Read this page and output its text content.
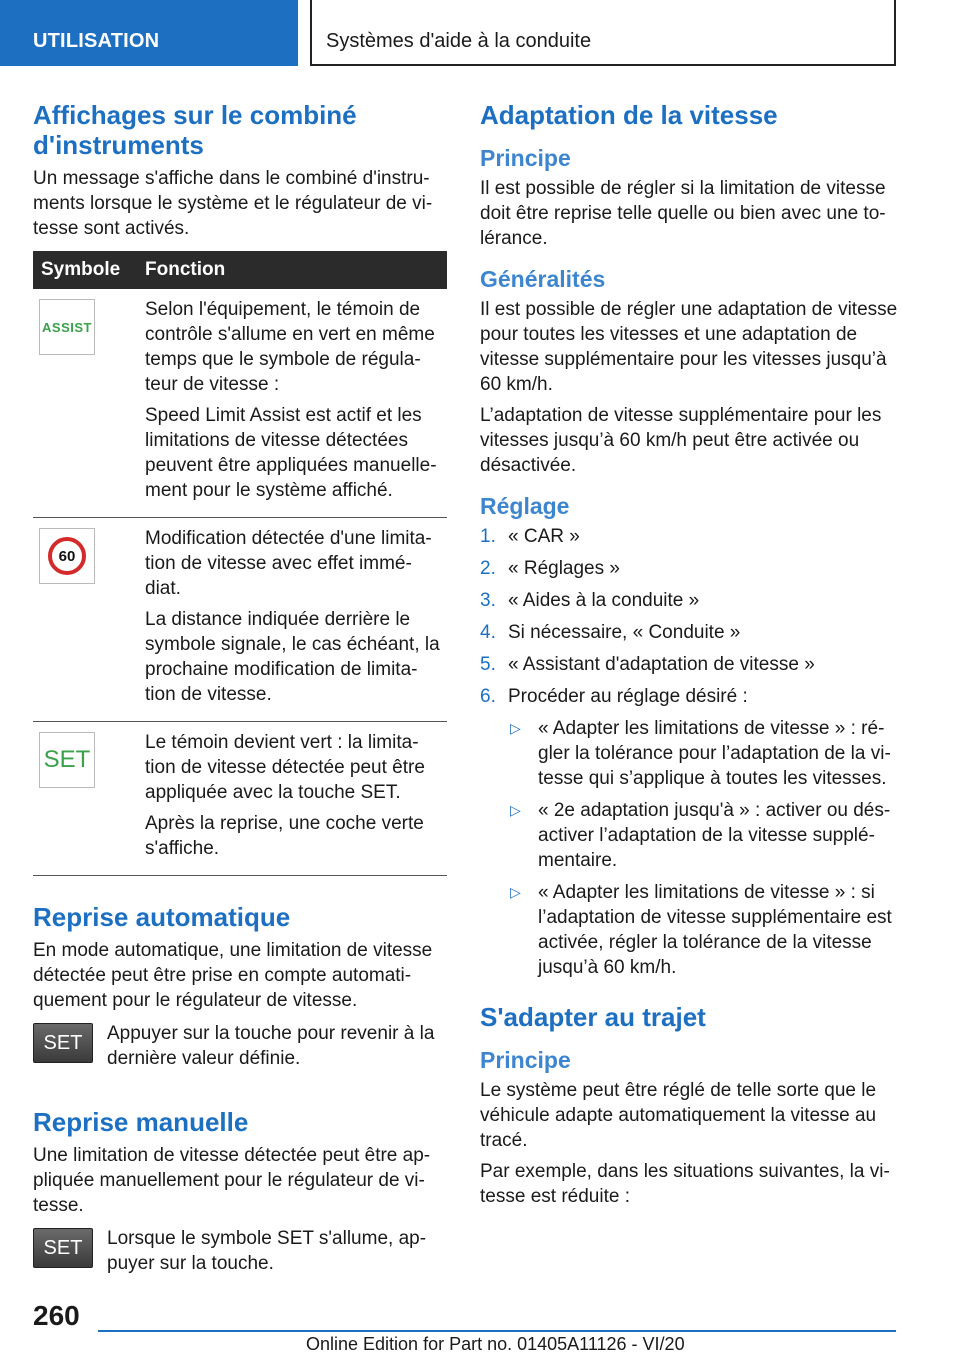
UTILISATION	Systèmes d'aide à la conduite
Affichages sur le combiné d'instruments

Un message s'affiche dans le combiné d'instruments lorsque le système et le régulateur de vitesse sont activés.

Symbole	Fonction

ASSIST	Selon l'équipement, le témoin de contrôle s'allume en vert en même temps que le symbole de régulateur de vitesse :

Speed Limit Assist est actif et les limitations de vitesse détectées peuvent être appliquées manuellement pour le système affiché.

60	Modification détectée d'une limitation de vitesse avec effet immédiat.

La distance indiquée derrière le symbole signale, le cas échéant, la prochaine modification de limitation de vitesse.

SET	Le témoin devient vert : la limitation de vitesse détectée peut être appliquée avec la touche SET.

Après la reprise, une coche verte s'affiche.

Reprise automatique

En mode automatique, une limitation de vitesse détectée peut être prise en compte automatiquement pour le régulateur de vitesse.

SET Appuyer sur la touche pour revenir à la dernière valeur définie.

Reprise manuelle

Une limitation de vitesse détectée peut être appliquée manuellement pour le régulateur de vitesse.

SET Lorsque le symbole SET s'allume, appuyer sur la touche.

Adaptation de la vitesse
Principe

Il est possible de régler si la limitation de vitesse doit être reprise telle quelle ou bien avec une tolérance.

Généralités

Il est possible de régler une adaptation de vitesse pour toutes les vitesses et une adaptation de vitesse supplémentaire pour les vitesses jusqu’à 60 km/h.

L’adaptation de vitesse supplémentaire pour les vitesses jusqu’à 60 km/h peut être activée ou désactivée.

Réglage
1. « CAR »
2. « Réglages »
3. « Aides à la conduite »
4. Si nécessaire, « Conduite »
5. « Assistant d'adaptation de vitesse »
6. Procéder au réglage désiré :
▷ « Adapter les limitations de vitesse » : régler la tolérance pour l’adaptation de la vitesse qui s’applique à toutes les vitesses.
▷ « 2e adaptation jusqu'à » : activer ou désactiver l’adaptation de la vitesse supplémentaire.
▷ « Adapter les limitations de vitesse » : si l’adaptation de vitesse supplémentaire est activée, régler la tolérance de la vitesse jusqu’à 60 km/h.
S'adapter au trajet
Principe

Le système peut être réglé de telle sorte que le véhicule adapte automatiquement la vitesse au tracé.

Par exemple, dans les situations suivantes, la vitesse est réduite :

260
Online Edition for Part no. 01405A11126 - VI/20
